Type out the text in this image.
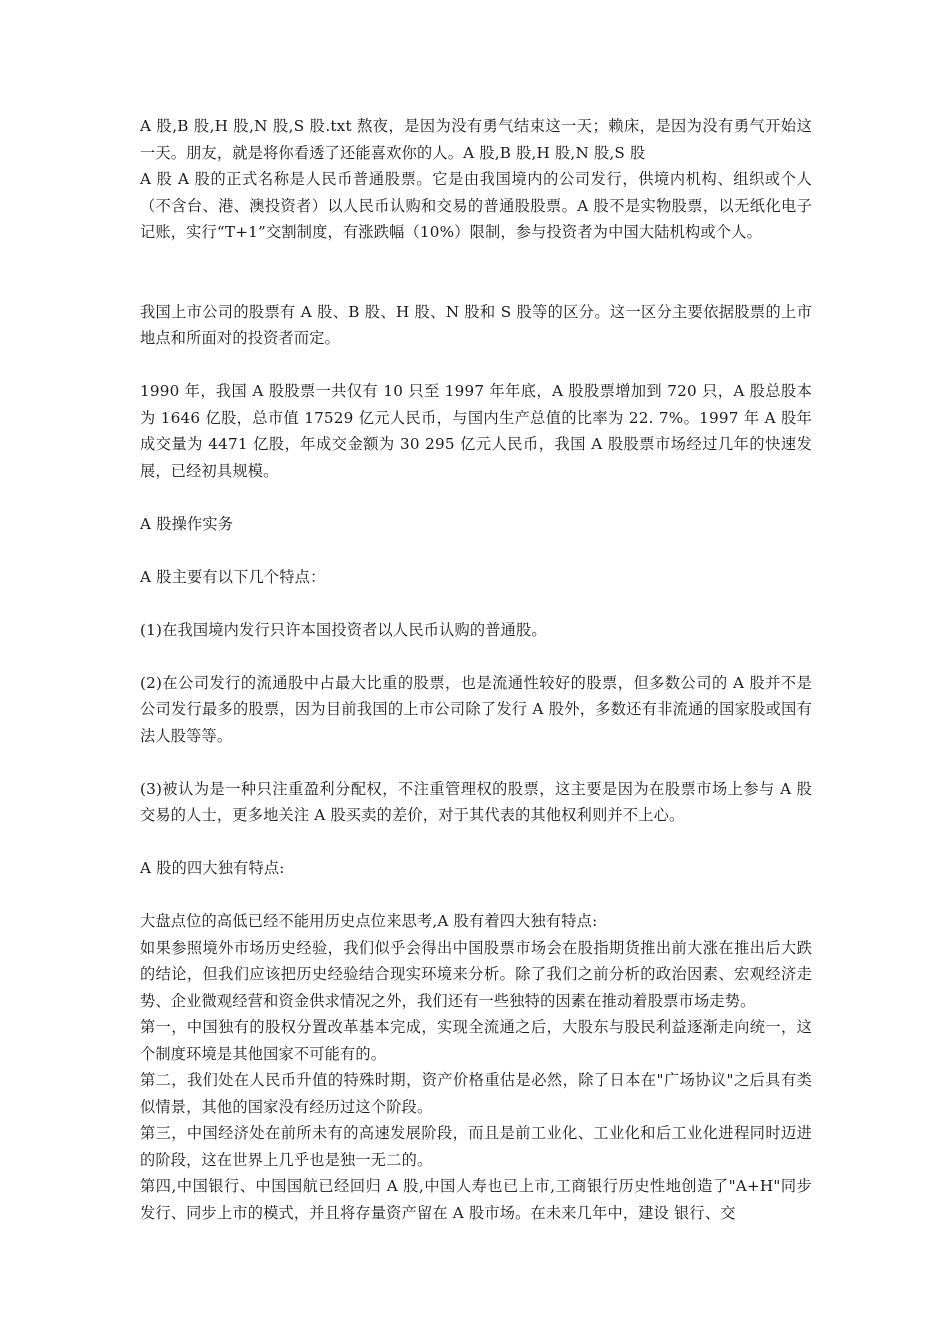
A 股,B 股,H 股,N 股,S 股.txt 熬夜，是因为没有勇气结束这一天；赖床，是因为没有勇气开始这一天。朋友，就是将你看透了还能喜欢你的人。A 股,B 股,H 股,N 股,S 股

A 股 A 股的正式名称是人民币普通股票。它是由我国境内的公司发行，供境内机构、组织或个人（不含台、港、澳投资者）以人民币认购和交易的普通股股票。A 股不是实物股票，以无纸化电子记账，实行“T+1”交割制度，有涨跌幅（10%）限制，参与投资者为中国大陆机构或个人。

我国上市公司的股票有 A 股、B 股、H 股、N 股和 S 股等的区分。这一区分主要依据股票的上市地点和所面对的投资者而定。

1990 年，我国 A 股股票一共仅有 10 只至 1997 年年底，A 股股票增加到 720 只，A 股总股本为 1646 亿股，总市值 17529 亿元人民币，与国内生产总值的比率为 22. 7%。1997 年 A 股年成交量为 4471 亿股，年成交金额为 30 295 亿元人民币，我国 A 股股票市场经过几年的快速发展，已经初具规模。

A 股操作实务

A 股主要有以下几个特点：

(1)在我国境内发行只许本国投资者以人民币认购的普通股。

(2)在公司发行的流通股中占最大比重的股票，也是流通性较好的股票，但多数公司的 A 股并不是公司发行最多的股票，因为目前我国的上市公司除了发行 A 股外，多数还有非流通的国家股或国有法人股等等。

(3)被认为是一种只注重盈利分配权，不注重管理权的股票，这主要是因为在股票市场上参与 A 股交易的人士，更多地关注 A 股买卖的差价，对于其代表的其他权利则并不上心。

A 股的四大独有特点:

大盘点位的高低已经不能用历史点位来思考,A 股有着四大独有特点:

如果参照境外市场历史经验，我们似乎会得出中国股票市场会在股指期货推出前大涨在推出后大跌的结论，但我们应该把历史经验结合现实环境来分析。除了我们之前分析的政治因素、宏观经济走势、企业微观经营和资金供求情况之外，我们还有一些独特的因素在推动着股票市场走势。

第一，中国独有的股权分置改革基本完成，实现全流通之后，大股东与股民利益逐渐走向统一，这个制度环境是其他国家不可能有的。

第二，我们处在人民币升值的特殊时期，资产价格重估是必然，除了日本在"广场协议"之后具有类似情景，其他的国家没有经历过这个阶段。

第三，中国经济处在前所未有的高速发展阶段，而且是前工业化、工业化和后工业化进程同时迈进的阶段，这在世界上几乎也是独一无二的。

第四,中国银行、中国国航已经回归 A 股,中国人寿也已上市,工商银行历史性地创造了"A+H"同步发行、同步上市的模式，并且将存量资产留在 A 股市场。在未来几年中，建设 银行、交
